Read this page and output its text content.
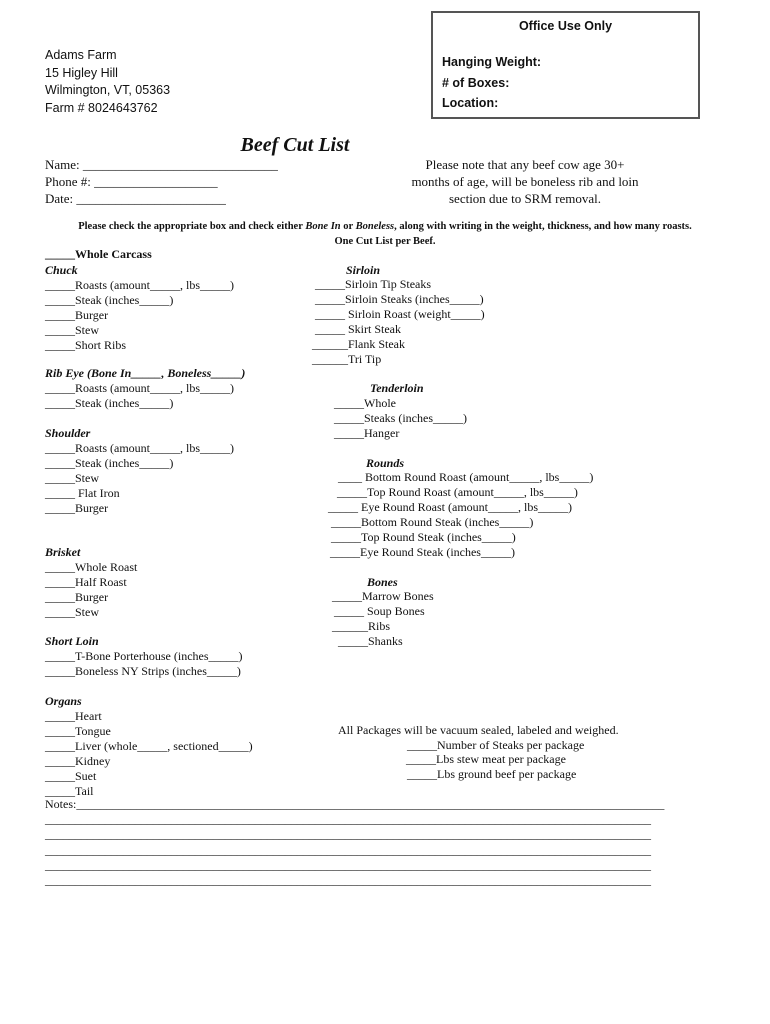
Adams Farm
15 Higley Hill
Wilmington, VT, 05363
Farm # 8024643762
Office Use Only
Hanging Weight:
# of Boxes:
Location:
Beef Cut List
Name: ______________________________
Phone #: ___________________
Date: _______________________
Please note that any beef cow age 30+ months of age, will be boneless rib and loin section due to SRM removal.
Please check the appropriate box and check either Bone In or Boneless, along with writing in the weight, thickness, and how many roasts.
One Cut List per Beef.
_____Whole Carcass
Chuck
_____Roasts (amount_____, lbs_____)
_____Steak (inches_____)
_____Burger
_____Stew
_____Short Ribs
Rib Eye (Bone In_____, Boneless_____)
_____Roasts (amount_____, lbs_____)
_____Steak (inches_____)
Shoulder
_____Roasts (amount_____, lbs_____)
_____Steak (inches_____)
_____Stew
_____ Flat Iron
_____Burger
Brisket
_____Whole Roast
_____Half Roast
_____Burger
_____Stew
Short Loin
_____T-Bone Porterhouse (inches_____)
_____Boneless NY Strips (inches_____)
Organs
_____Heart
_____Tongue
_____Liver (whole_____, sectioned_____)
_____Kidney
_____Suet
_____Tail
Sirloin
_____Sirloin Tip Steaks
_____Sirloin Steaks (inches_____)
_____ Sirloin Roast (weight_____)
_____ Skirt Steak
______Flank Steak
______Tri Tip
Tenderloin
_____Whole
_____Steaks (inches_____)
_____Hanger
Rounds
____ Bottom Round Roast (amount_____, lbs_____)
_____Top Round Roast (amount_____, lbs_____)
_____ Eye Round Roast (amount_____, lbs_____)
_____Bottom Round Steak (inches_____)
_____Top Round Steak (inches_____)
_____Eye Round Steak (inches_____)
Bones
_____Marrow Bones
_____ Soup Bones
______Ribs
_____Shanks
All Packages will be vacuum sealed, labeled and weighed.
_____Number of Steaks per package
_____Lbs stew meat per package
_____Lbs ground beef per package
Notes:__________________________________________________________________________________________________
_____________________________________________________________________________________________________
_____________________________________________________________________________________________________
_____________________________________________________________________________________________________
_____________________________________________________________________________________________________
_____________________________________________________________________________________________________
